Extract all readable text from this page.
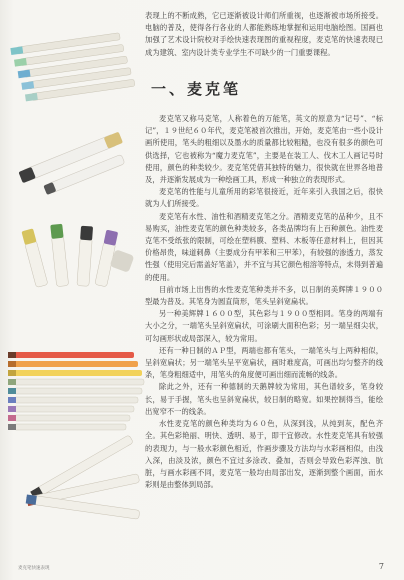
表现上的不断成熟，它已逐渐被设计师们所重视，也逐渐被市场所接受。电脑的普及，使得各行各业的人都能熟练地掌握和运用电脑绘图。国画也加强了艺术设计院校对手绘快速表现图的重视程度，麦克笔的快速表现已成为建筑、室内设计类专业学生不可缺少的一门重要课程。

一、麦克笔

麦克笔又称马克笔，人称着色的万能笔，英文的原意为“记号”、“标记”，１９世纪６０年代，麦克笔被首次推出，开始，麦克笔由一些小设计画所使用，笔头的粗细以及墨水的质量都比较粗糙，也没有很多的颜色可供选择，它也被称为“魔力麦克笔”，主要是在装工人、伐木工人画记号时使用，颜色的种类较少。麦克笔凭借其独特的魅力，很快就在世界各地普及，并逐渐发展成为一种绘画工具，形成一种独立的表现形式。

麦克笔的性能与儿童所用的彩笔很接近，近年来引入我国之后，很快就为人们所接受。

麦克笔有水性、油性和酒精麦克笔之分。酒精麦克笔的品种少，且不易购买，油性麦克笔的颜色种类较多，各类品牌均有上百种颜色。油性麦克笔不受纸张的限制，可绘在塑料膜、塑料、木板等任意材料上，但因其价格昂贵，味道刺鼻（主要成分有甲苯和三甲苯），有较强的渗透力，蒸发性强（使用完后需盖好笔盖），并不宜与其它颜色相溶等特点，未得到普遍的使用。

目前市场上出售的水性麦克笔种类并不多，以日制的美辉牌１９００型最为普及。其笔身为圆直筒形，笔头呈斜宽扁状。

另一种美辉牌１６００型，其色彩与１９００型相同。笔身的两端有大小之分，一端笔头呈斜宽扁状，可涂刷大面积色彩；另一端呈细尖状，可勾画形状或局部深入，较为常用。

还有一种日制的ＡＰ型，两端也都有笔头，一端笔头与上两种相似，呈斜宽扁状；另一端笔头呈平宽扁状，画时难度高，可画出均匀整齐的线条，笔身粗细适中，用笔头的角度便可画出细而流畅的线条。

除此之外，还有一种德制的天鹅牌较为常用，其色谱较多，笔身较长，易于手握，笔头也呈斜宽扁状，较日制的略宽。如果控制得当，能绘出宽窄不一的线条。

水性麦克笔的颜色种类均为６０色，从深到浅，从纯到灰，配色齐全。其色彩艳丽、明快、透明、易于，即干宜修改。水性麦克笔具有较强的表现力，与一般水彩颜色相近，作画步骤及方法均与水彩画相似，由浅入深，由淡及浓，颜色不宜过多涂改、叠加，否则会导致色彩浑浊、肮脏，与画水彩画不同，麦克笔一般均由局部出发，逐渐到整个画面，而水彩则是由整体到局部。

麦克笔快速表现	7
